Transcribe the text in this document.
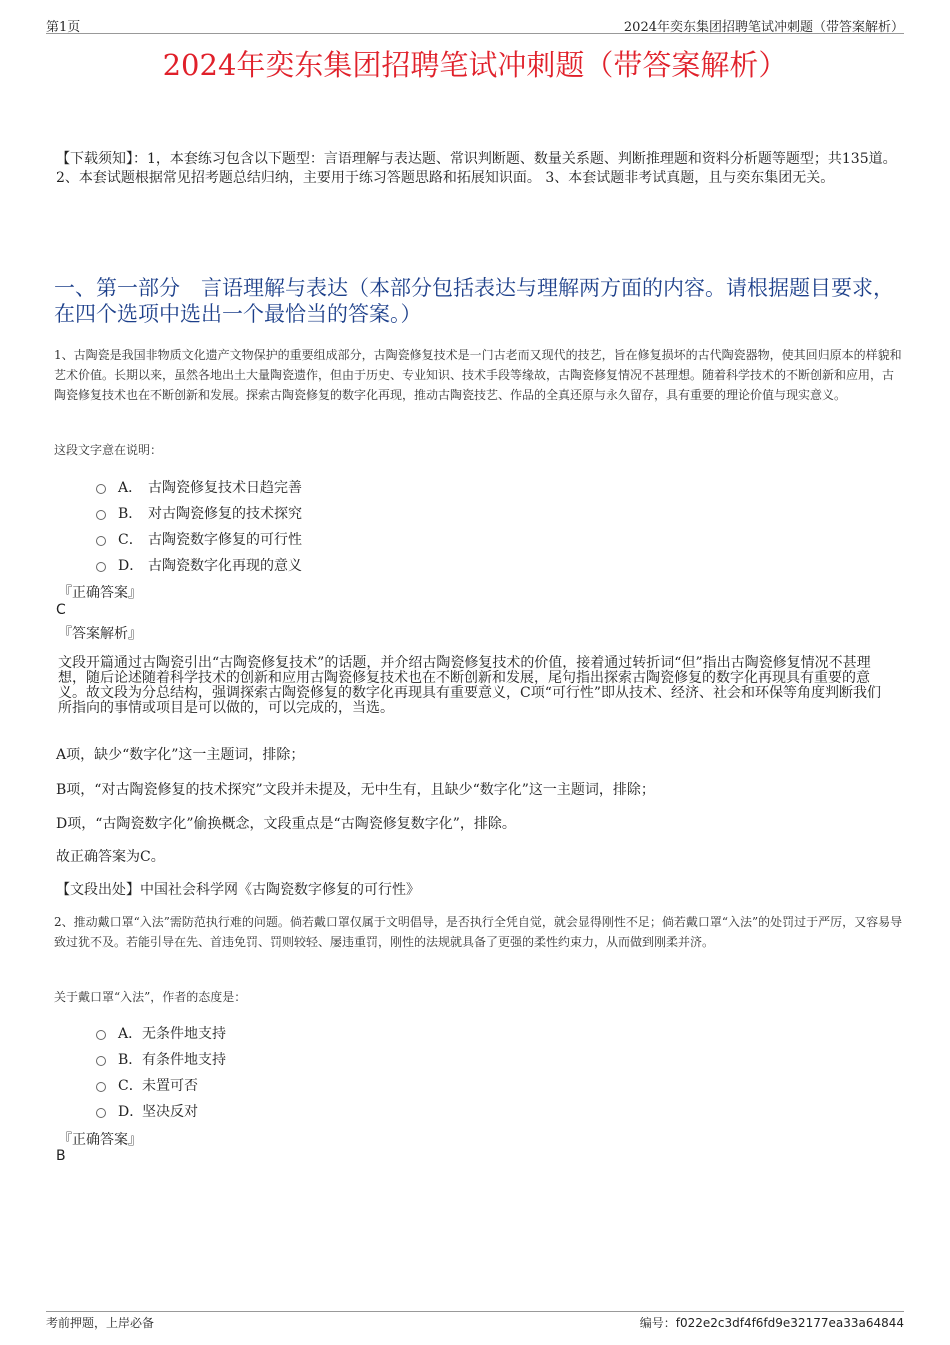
第1页	2024年奕东集团招聘笔试冲刺题（带答案解析）
2024年奕东集团招聘笔试冲刺题（带答案解析）
【下载须知】：1，本套练习包含以下题型：言语理解与表达题、常识判断题、数量关系题、判断推理题和资料分析题等题型；共135道。 2、本套试题根据常见招考题总结归纳，主要用于练习答题思路和拓展知识面。 3、本套试题非考试真题，且与奕东集团无关。
一、第一部分　言语理解与表达（本部分包括表达与理解两方面的内容。请根据题目要求，在四个选项中选出一个最恰当的答案。）
1、古陶瓷是我国非物质文化遗产文物保护的重要组成部分，古陶瓷修复技术是一门古老而又现代的技艺，旨在修复损坏的古代陶瓷器物，使其回归原本的样貌和艺术价值。长期以来，虽然各地出土大量陶瓷遗作，但由于历史、专业知识、技术手段等缘故，古陶瓷修复情况不甚理想。随着科学技术的不断创新和应用，古陶瓷修复技术也在不断创新和发展。探索古陶瓷修复的数字化再现，推动古陶瓷技艺、作品的全真还原与永久留存，具有重要的理论价值与现实意义。
这段文字意在说明：
A． 古陶瓷修复技术日趋完善
B． 对古陶瓷修复的技术探究
C． 古陶瓷数字修复的可行性
D． 古陶瓷数字化再现的意义
『正确答案』
C
『答案解析』
文段开篇通过古陶瓷引出“古陶瓷修复技术”的话题，并介绍古陶瓷修复技术的价值，接着通过转折词“但”指出古陶瓷修复情况不甚理想，随后论述随着科学技术的创新和应用古陶瓷修复技术也在不断创新和发展，尾句指出探索古陶瓷修复的数字化再现具有重要的意义。故文段为分总结构，强调探索古陶瓷修复的数字化再现具有重要意义，C项“可行性”即从技术、经济、社会和环保等角度判断我们所指向的事情或项目是可以做的，可以完成的，当选。
A项，缺少“数字化”这一主题词，排除；
B项，“对古陶瓷修复的技术探究”文段并未提及，无中生有，且缺少“数字化”这一主题词，排除；
D项，“古陶瓷数字化”偷换概念，文段重点是“古陶瓷修复数字化”，排除。
故正确答案为C。
【文段出处】中国社会科学网《古陶瓷数字修复的可行性》
2、推动戴口罩“入法”需防范执行难的问题。倘若戴口罩仅属于文明倡导，是否执行全凭自觉，就会显得刚性不足；倘若戴口罩“入法”的处罚过于严厉，又容易导致过犹不及。若能引导在先、首违免罚、罚则较轻、屡违重罚，刚性的法规就具备了更强的柔性约束力，从而做到刚柔并济。
关于戴口罩“入法”，作者的态度是：
A． 无条件地支持
B． 有条件地支持
C． 未置可否
D．
坚决反对
『正确答案』
B
考前押题，上岸必备	编号：f022e2c3df4f6fd9e32177ea33a64844
